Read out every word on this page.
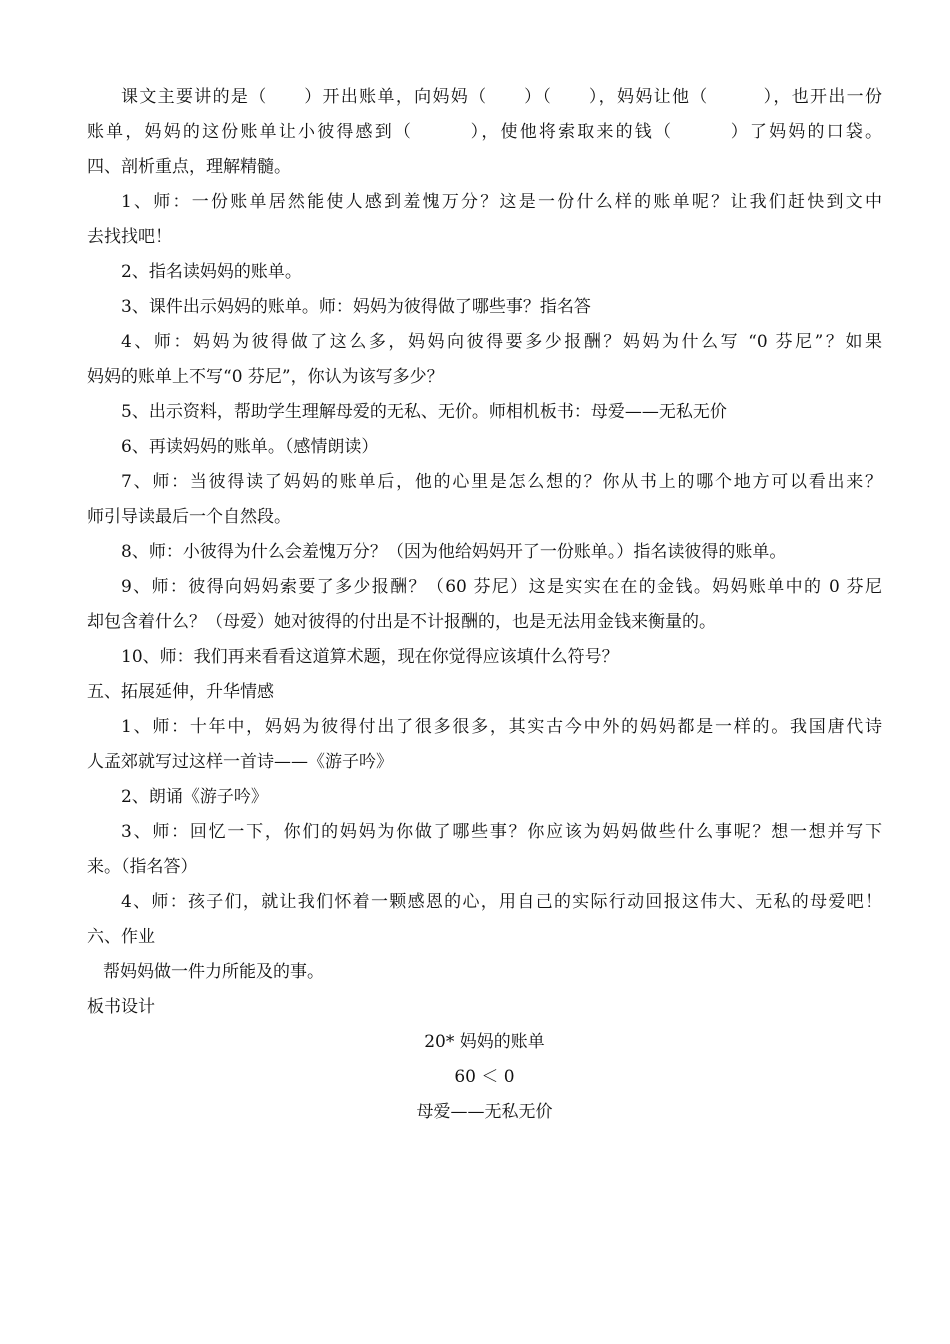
课文主要讲的是（　　）开出账单，向妈妈（　　）（　　），妈妈让他（　　　），也开出一份

账单，妈妈的这份账单让小彼得感到（　　　），使他将索取来的钱（　　　）了妈妈的口袋。

四、剖析重点，理解精髓。

1、师：一份账单居然能使人感到羞愧万分？这是一份什么样的账单呢？让我们赶快到文中

去找找吧！

2、指名读妈妈的账单。

3、课件出示妈妈的账单。师：妈妈为彼得做了哪些事？指名答

4、师：妈妈为彼得做了这么多，妈妈向彼得要多少报酬？妈妈为什么写 “0 芬尼”？如果

妈妈的账单上不写“0 芬尼”，你认为该写多少？

5、出示资料，帮助学生理解母爱的无私、无价。师相机板书：母爱——无私无价

6、再读妈妈的账单。（感情朗读）

7、师：当彼得读了妈妈的账单后，他的心里是怎么想的？你从书上的哪个地方可以看出来？

师引导读最后一个自然段。

8、师：小彼得为什么会羞愧万分？（因为他给妈妈开了一份账单。）指名读彼得的账单。

9、师：彼得向妈妈索要了多少报酬？（60 芬尼）这是实实在在的金钱。妈妈账单中的 0 芬尼

却包含着什么？（母爱）她对彼得的付出是不计报酬的，也是无法用金钱来衡量的。

10、师：我们再来看看这道算术题，现在你觉得应该填什么符号？

五、拓展延伸，升华情感

1、师：十年中，妈妈为彼得付出了很多很多，其实古今中外的妈妈都是一样的。我国唐代诗

人孟郊就写过这样一首诗——《游子吟》

2、朗诵《游子吟》

3、师：回忆一下，你们的妈妈为你做了哪些事？你应该为妈妈做些什么事呢？想一想并写下

来。（指名答）

4、师：孩子们，就让我们怀着一颗感恩的心，用自己的实际行动回报这伟大、无私的母爱吧！

六、作业

帮妈妈做一件力所能及的事。

板书设计

20* 妈妈的账单

60 ＜ 0

母爱——无私无价
